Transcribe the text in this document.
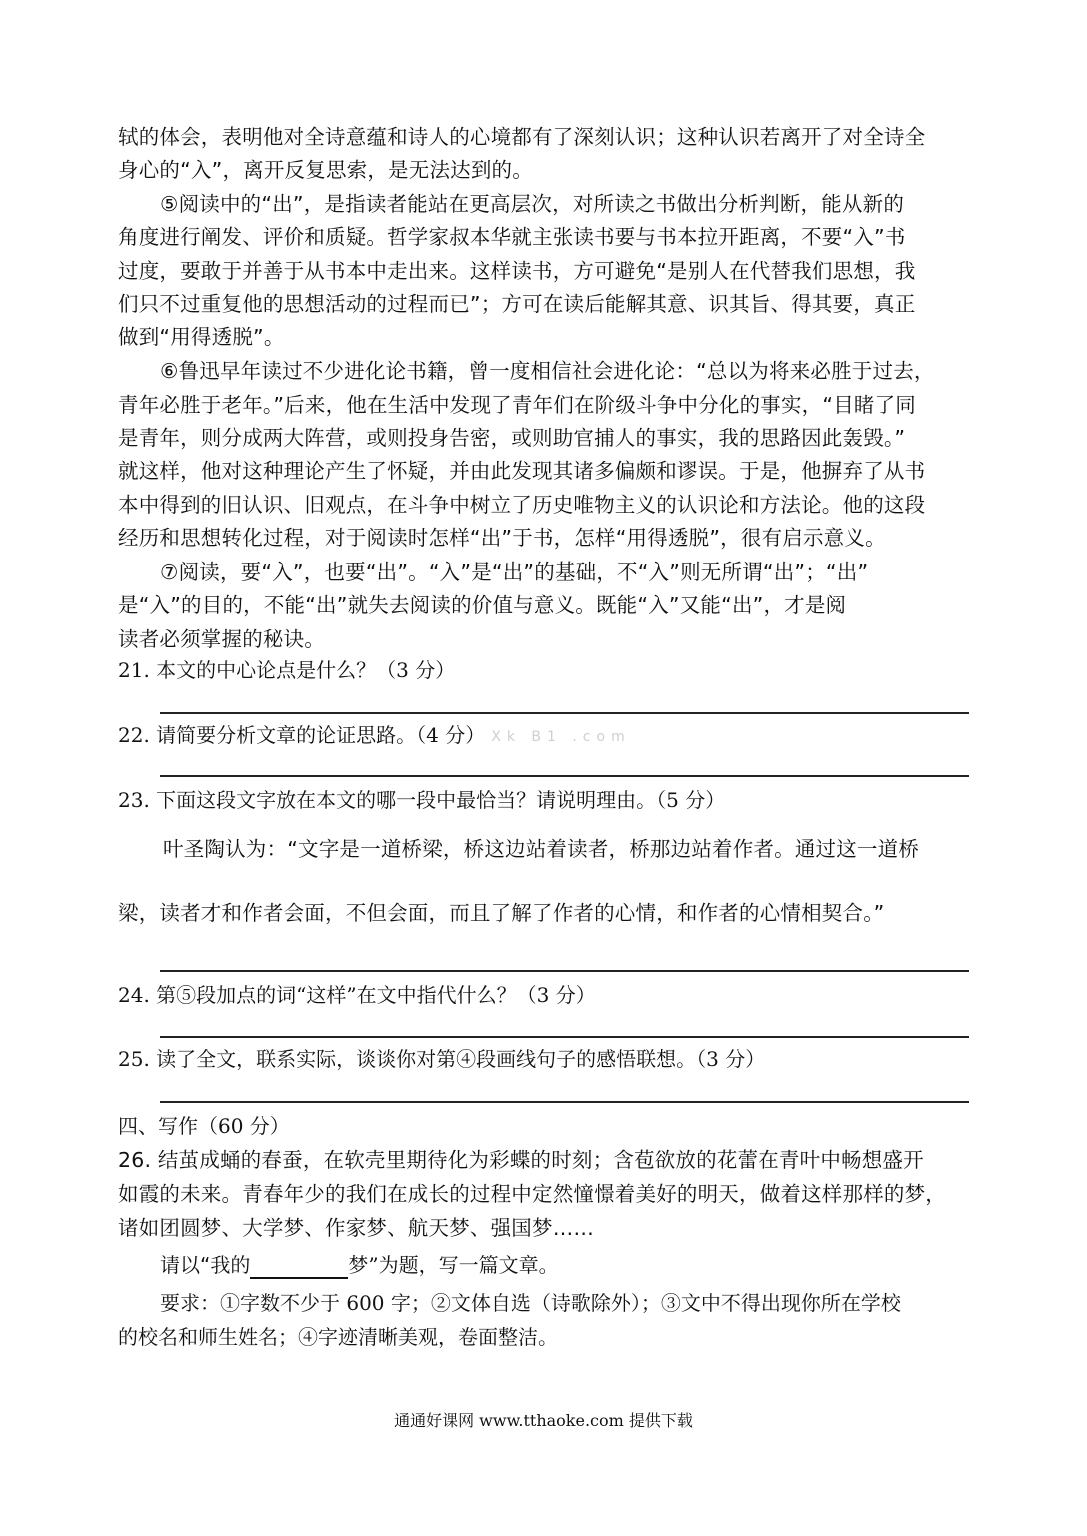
轼的体会，表明他对全诗意蕴和诗人的心境都有了深刻认识；这种认识若离开了对全诗全
身心的“入”，离开反复思索，是无法达到的。
⑤阅读中的“出”，是指读者能站在更高层次，对所读之书做出分析判断，能从新的
角度进行阐发、评价和质疑。哲学家叔本华就主张读书要与书本拉开距离，不要“入”书
过度，要敢于并善于从书本中走出来。这样读书，方可避免“是别人在代替我们思想，我
们只不过重复他的思想活动的过程而已”；方可在读后能解其意、识其旨、得其要，真正
做到“用得透脱”。
⑥鲁迅早年读过不少进化论书籍，曾一度相信社会进化论：“总以为将来必胜于过去，
青年必胜于老年。”后来，他在生活中发现了青年们在阶级斗争中分化的事实，“目睹了同
是青年，则分成两大阵营，或则投身告密，或则助官捕人的事实，我的思路因此轰毁。”
就这样，他对这种理论产生了怀疑，并由此发现其诸多偏颇和谬误。于是，他摒弃了从书
本中得到的旧认识、旧观点，在斗争中树立了历史唯物主义的认识论和方法论。他的这段
经历和思想转化过程，对于阅读时怎样“出”于书，怎样“用得透脱”，很有启示意义。
⑦阅读，要“入”，也要“出”。“入”是“出”的基础，不“入”则无所谓“出”；“出”
是“入”的目的，不能“出”就失去阅读的价值与意义。既能“入”又能“出”，才是阅
读者必须掌握的秘诀。
21. 本文的中心论点是什么？（3 分）
22. 请简要分析文章的论证思路。（4 分） Xk B1 .com
23. 下面这段文字放在本文的哪一段中最恰当？请说明理由。（5 分）
叶圣陶认为：“文字是一道桥梁，桥这边站着读者，桥那边站着作者。通过这一道桥
梁，读者才和作者会面，不但会面，而且了解了作者的心情，和作者的心情相契合。”
24. 第⑤段加点的词“这样”在文中指代什么？（3 分）
25. 读了全文，联系实际，谈谈你对第④段画线句子的感悟联想。（3 分）
四、写作（60 分）
26. 结茧成蛹的春蚕，在软壳里期待化为彩蝶的时刻；含苞欲放的花蕾在青叶中畅想盛开
如霞的未来。青春年少的我们在成长的过程中定然憧憬着美好的明天，做着这样那样的梦，
诸如团圆梦、大学梦、作家梦、航天梦、强国梦……
请以“我的	梦”为题，写一篇文章。
要求：①字数不少于 600 字；②文体自选（诗歌除外）；③文中不得出现你所在学校
的校名和师生姓名；④字迹清晰美观，卷面整洁。
通通好课网 www.tthaoke.com 提供下载
